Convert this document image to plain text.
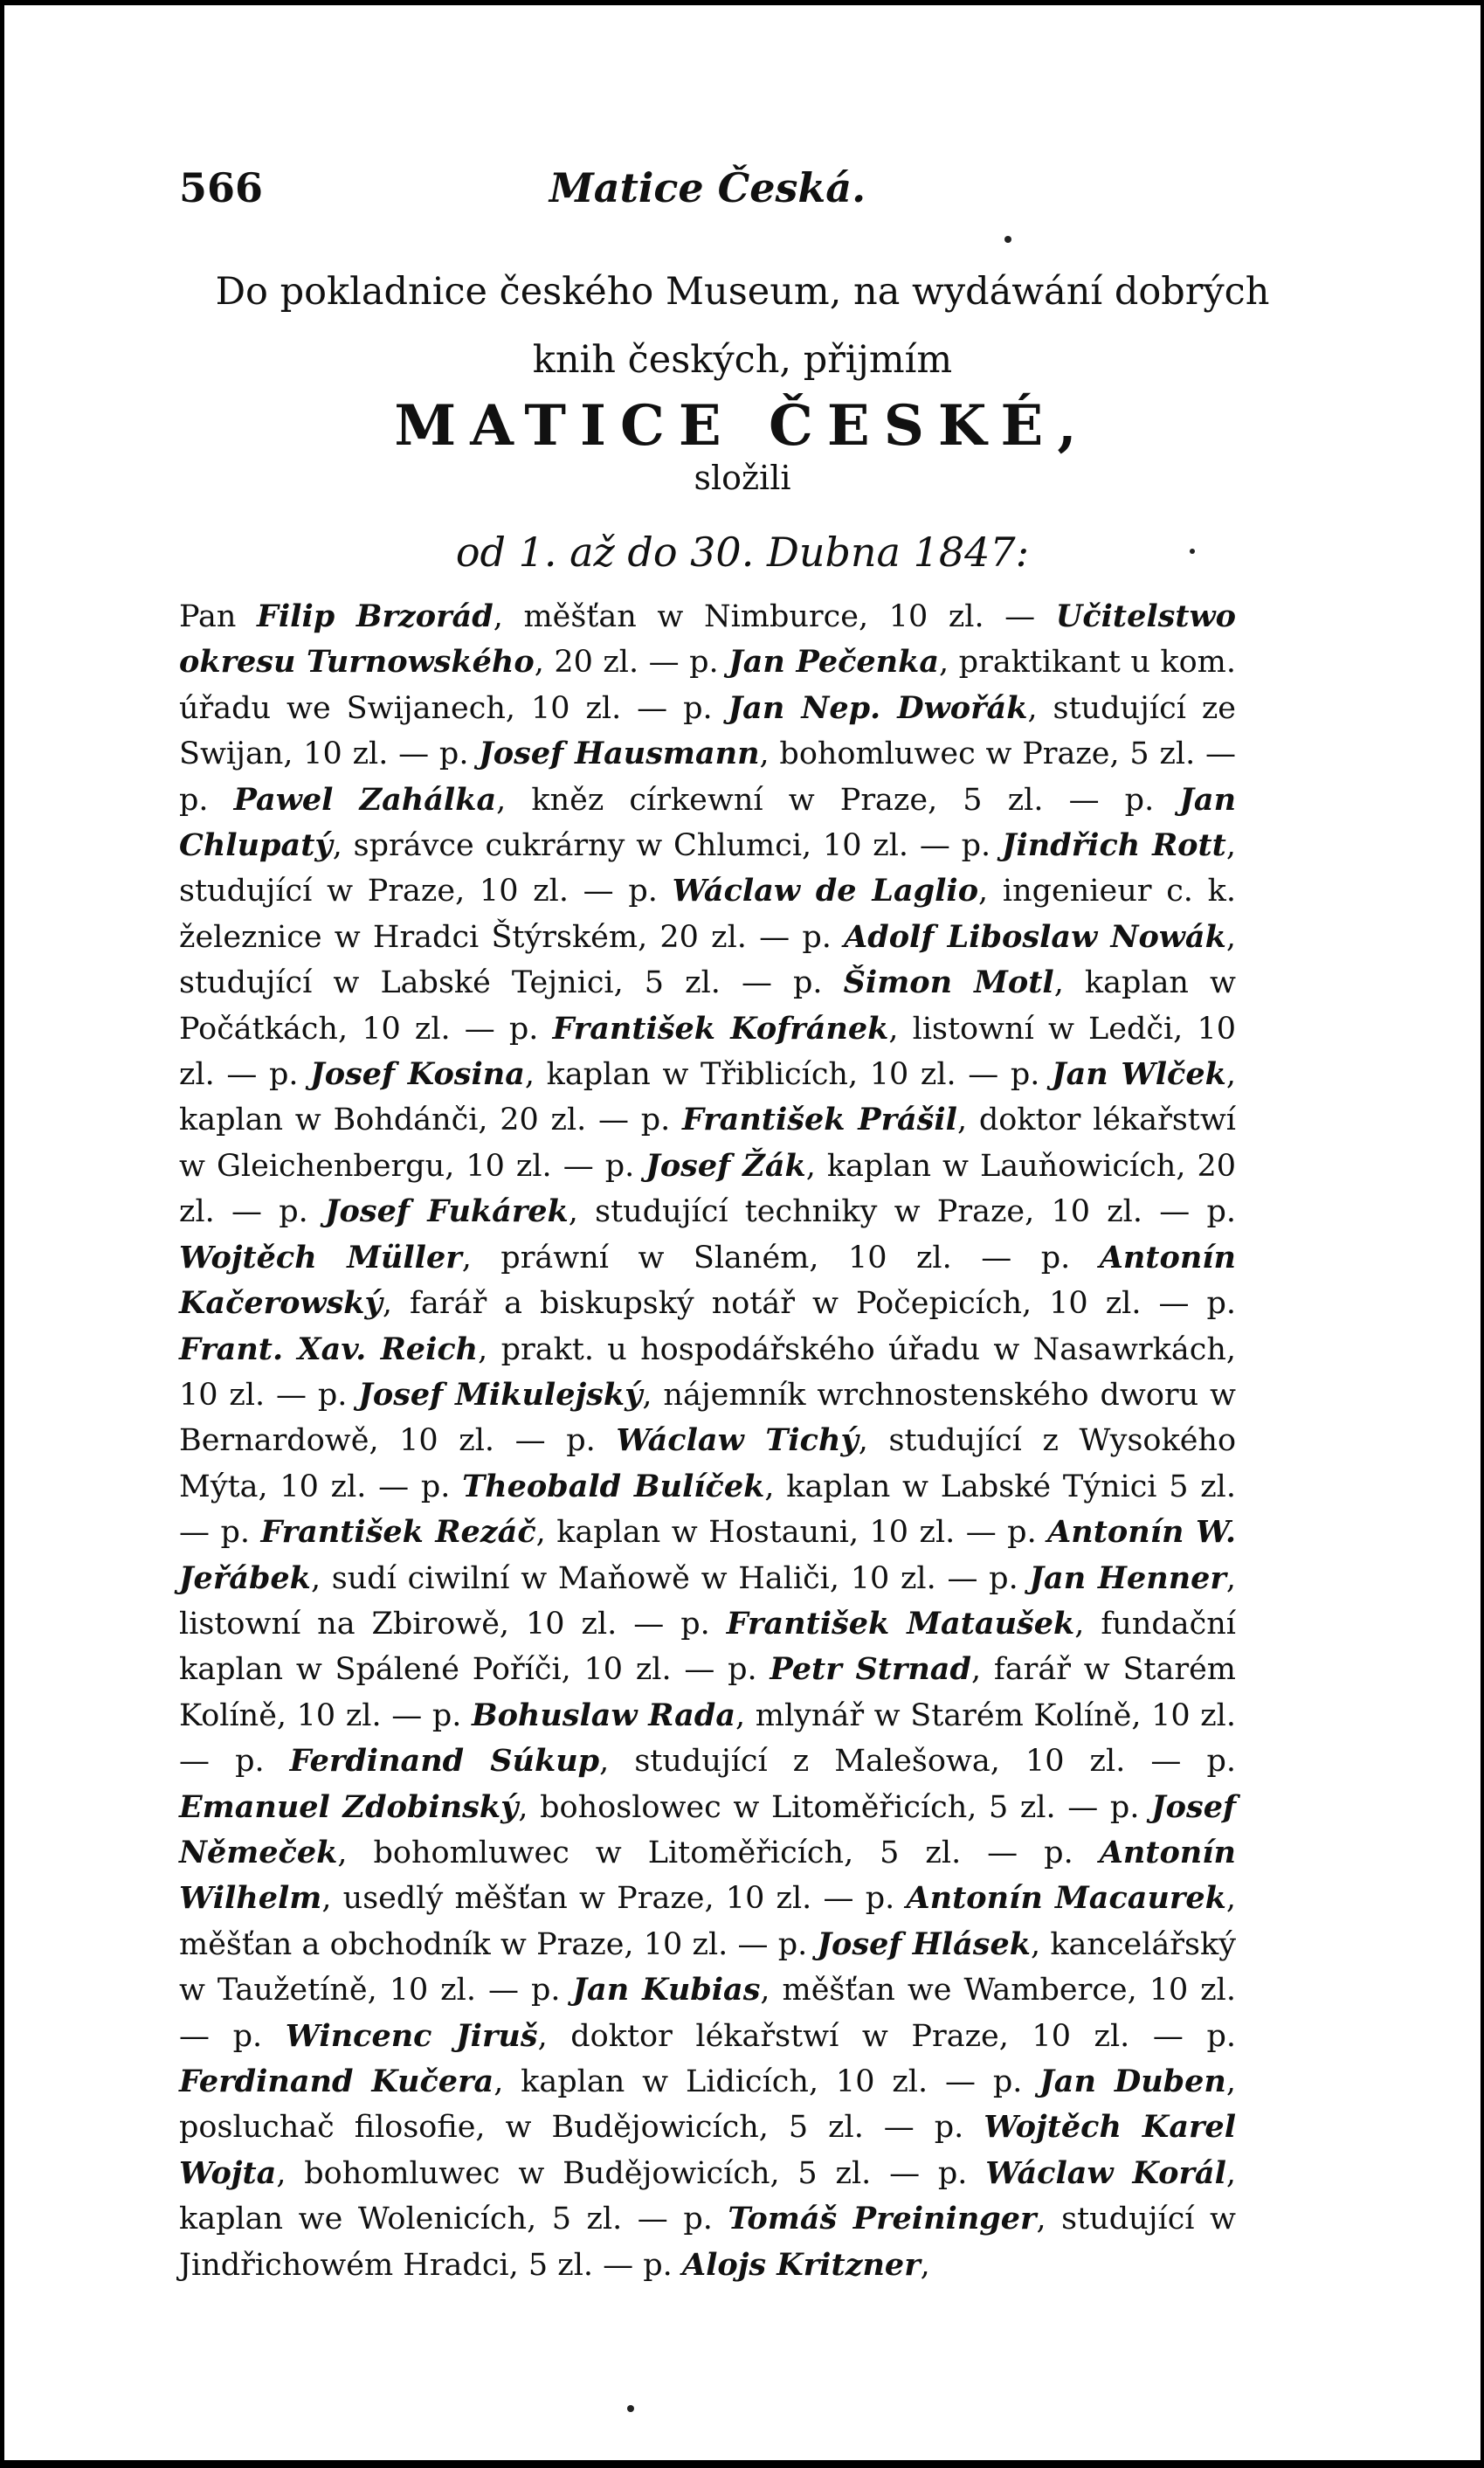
566	Matice Česká.
Do pokladnice českého Museum, na wydáwání dobrých
knih českých, přijmím
MATICE ČESKÉ,
složili
od 1. až do 30. Dubna 1847:
Pan Filip Brzorád, měšťan w Nimburce, 10 zl. — Učitelstwo okresu Turnowského, 20 zl. — p. Jan Pečenka, praktikant u kom. úřadu we Swijanech, 10 zl. — p. Jan Nep. Dwořák, studující ze Swijan, 10 zl. — p. Josef Hausmann, bohomluwec w Praze, 5 zl. — p. Pawel Zahálka, kněz církewní w Praze, 5 zl. — p. Jan Chlupatý, správce cukrárny w Chlumci, 10 zl. — p. Jindřich Rott, studující w Praze, 10 zl. — p. Wáclaw de Laglio, ingenieur c. k. železnice w Hradci Štýrském, 20 zl. — p. Adolf Liboslaw Nowák, studující w Labské Tejnici, 5 zl. — p. Šimon Motl, kaplan w Počátkách, 10 zl. — p. František Kofránek, listowní w Ledči, 10 zl. — p. Josef Kosina, kaplan w Třiblicích, 10 zl. — p. Jan Wlček, kaplan w Bohdánči, 20 zl. — p. František Prášil, doktor lékařstwí w Gleichenbergu, 10 zl. — p. Josef Žák, kaplan w Lauňowicích, 20 zl. — p. Josef Fukárek, studující techniky w Praze, 10 zl. — p. Wojtěch Müller, práwní w Slaném, 10 zl. — p. Antonín Kačerowský, farář a biskupský notář w Počepicích, 10 zl. — p. Frant. Xav. Reich, prakt. u hospodářského úřadu w Nasawrkách, 10 zl. — p. Josef Mikulejský, nájemník wrchnostenského dworu w Bernardowě, 10 zl. — p. Wáclaw Tichý, studující z Wysokého Mýta, 10 zl. — p. Theobald Bulíček, kaplan w Labské Týnici 5 zl. — p. František Rezáč, kaplan w Hostauni, 10 zl. — p. Antonín W. Jeřábek, sudí ciwilní w Maňowě w Haliči, 10 zl. — p. Jan Henner, listowní na Zbirowě, 10 zl. — p. František Mataušek, fundační kaplan w Spálené Poříči, 10 zl. — p. Petr Strnad, farář w Starém Kolíně, 10 zl. — p. Bohuslaw Rada, mlynář w Starém Kolíně, 10 zl. — p. Ferdinand Súkup, studující z Malešowa, 10 zl. — p. Emanuel Zdobinský, bohoslowec w Litoměřicích, 5 zl. — p. Josef Němeček, bohomluwec w Litoměřicích, 5 zl. — p. Antonín Wilhelm, usedlý měšťan w Praze, 10 zl. — p. Antonín Macaurek, měšťan a obchodník w Praze, 10 zl. — p. Josef Hlásek, kancelářský w Taužetíně, 10 zl. — p. Jan Kubias, měšťan we Wamberce, 10 zl. — p. Wincenc Jiruš, doktor lékařstwí w Praze, 10 zl. — p. Ferdinand Kučera, kaplan w Lidicích, 10 zl. — p. Jan Duben, posluchač filosofie, w Budějowicích, 5 zl. — p. Wojtěch Karel Wojta, bohomluwec w Budějowicích, 5 zl. — p. Wáclaw Korál, kaplan we Wolenicích, 5 zl. — p. Tomáš Preininger, studující w Jindřichowém Hradci, 5 zl. — p. Alojs Kritzner,
